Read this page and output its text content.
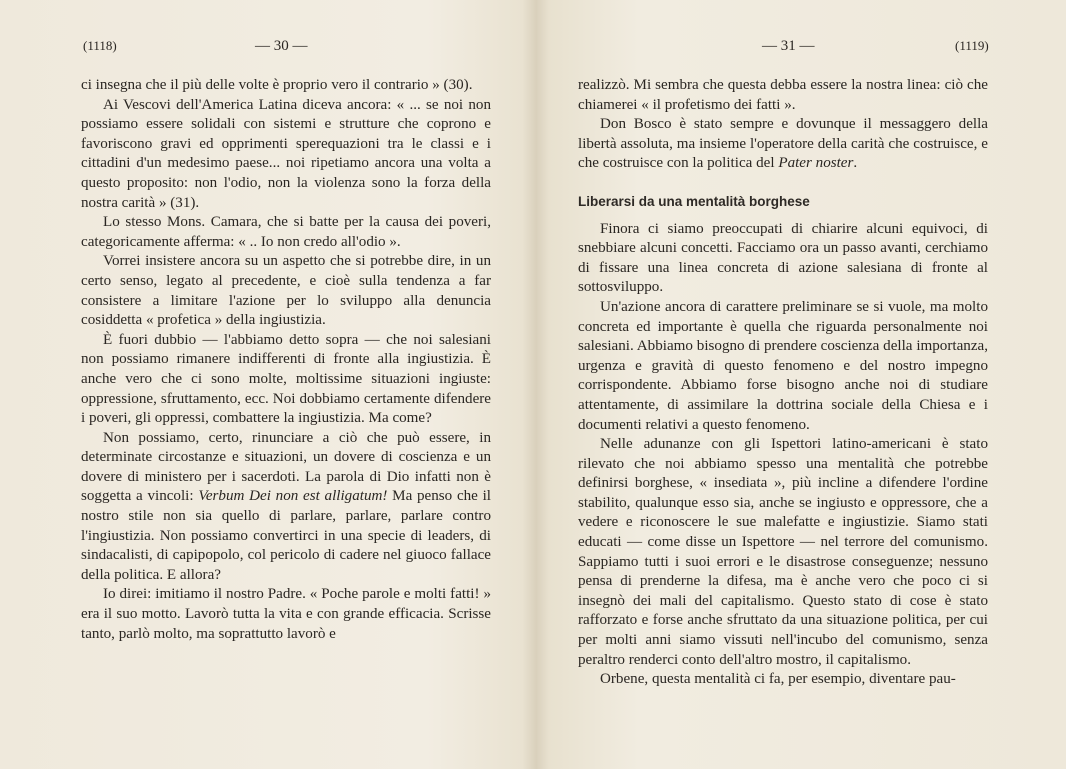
(1118)	— 30 —

ci insegna che il più delle volte è proprio vero il contrario » (30).

Ai Vescovi dell'America Latina diceva ancora: « ... se noi non possiamo essere solidali con sistemi e strutture che coprono e favoriscono gravi ed opprimenti sperequazioni tra le classi e i cittadini d'un medesimo paese... noi ripetiamo ancora una volta a questo proposito: non l'odio, non la violenza sono la forza della nostra carità » (31).

Lo stesso Mons. Camara, che si batte per la causa dei poveri, categoricamente afferma: « .. Io non credo all'odio ».

Vorrei insistere ancora su un aspetto che si potrebbe dire, in un certo senso, legato al precedente, e cioè sulla tendenza a far consistere a limitare l'azione per lo sviluppo alla denuncia cosiddetta « profetica » della ingiustizia.

È fuori dubbio — l'abbiamo detto sopra — che noi salesiani non possiamo rimanere indifferenti di fronte alla ingiustizia. È anche vero che ci sono molte, moltissime situazioni ingiuste: oppressione, sfruttamento, ecc. Noi dobbiamo certamente difendere i poveri, gli oppressi, combattere la ingiustizia. Ma come?

Non possiamo, certo, rinunciare a ciò che può essere, in determinate circostanze e situazioni, un dovere di coscienza e un dovere di ministero per i sacerdoti. La parola di Dio infatti non è soggetta a vincoli: Verbum Dei non est alligatum! Ma penso che il nostro stile non sia quello di parlare, parlare, parlare contro l'ingiustizia. Non possiamo convertirci in una specie di leaders, di sindacalisti, di capipopolo, col pericolo di cadere nel giuoco fallace della politica. E allora?

Io direi: imitiamo il nostro Padre. « Poche parole e molti fatti! » era il suo motto. Lavorò tutta la vita e con grande efficacia. Scrisse tanto, parlò molto, ma soprattutto lavorò e

— 31 —	(1119)

realizzò. Mi sembra che questa debba essere la nostra linea: ciò che chiamerei « il profetismo dei fatti ».

Don Bosco è stato sempre e dovunque il messaggero della libertà assoluta, ma insieme l'operatore della carità che costruisce, e che costruisce con la politica del Pater noster.

Liberarsi da una mentalità borghese

Finora ci siamo preoccupati di chiarire alcuni equivoci, di snebbiare alcuni concetti. Facciamo ora un passo avanti, cerchiamo di fissare una linea concreta di azione salesiana di fronte al sottosviluppo.

Un'azione ancora di carattere preliminare se si vuole, ma molto concreta ed importante è quella che riguarda personalmente noi salesiani. Abbiamo bisogno di prendere coscienza della importanza, urgenza e gravità di questo fenomeno e del nostro impegno corrispondente. Abbiamo forse bisogno anche noi di studiare attentamente, di assimilare la dottrina sociale della Chiesa e i documenti relativi a questo fenomeno.

Nelle adunanze con gli Ispettori latino-americani è stato rilevato che noi abbiamo spesso una mentalità che potrebbe definirsi borghese, « insediata », più incline a difendere l'ordine stabilito, qualunque esso sia, anche se ingiusto e oppressore, che a vedere e riconoscere le sue malefatte e ingiustizie. Siamo stati educati — come disse un Ispettore — nel terrore del comunismo. Sappiamo tutti i suoi errori e le disastrose conseguenze; nessuno pensa di prenderne la difesa, ma è anche vero che poco ci si insegnò dei mali del capitalismo. Questo stato di cose è stato rafforzato e forse anche sfruttato da una situazione politica, per cui per molti anni siamo vissuti nell'incubo del comunismo, senza peraltro renderci conto dell'altro mostro, il capitalismo.

Orbene, questa mentalità ci fa, per esempio, diventare pau-
